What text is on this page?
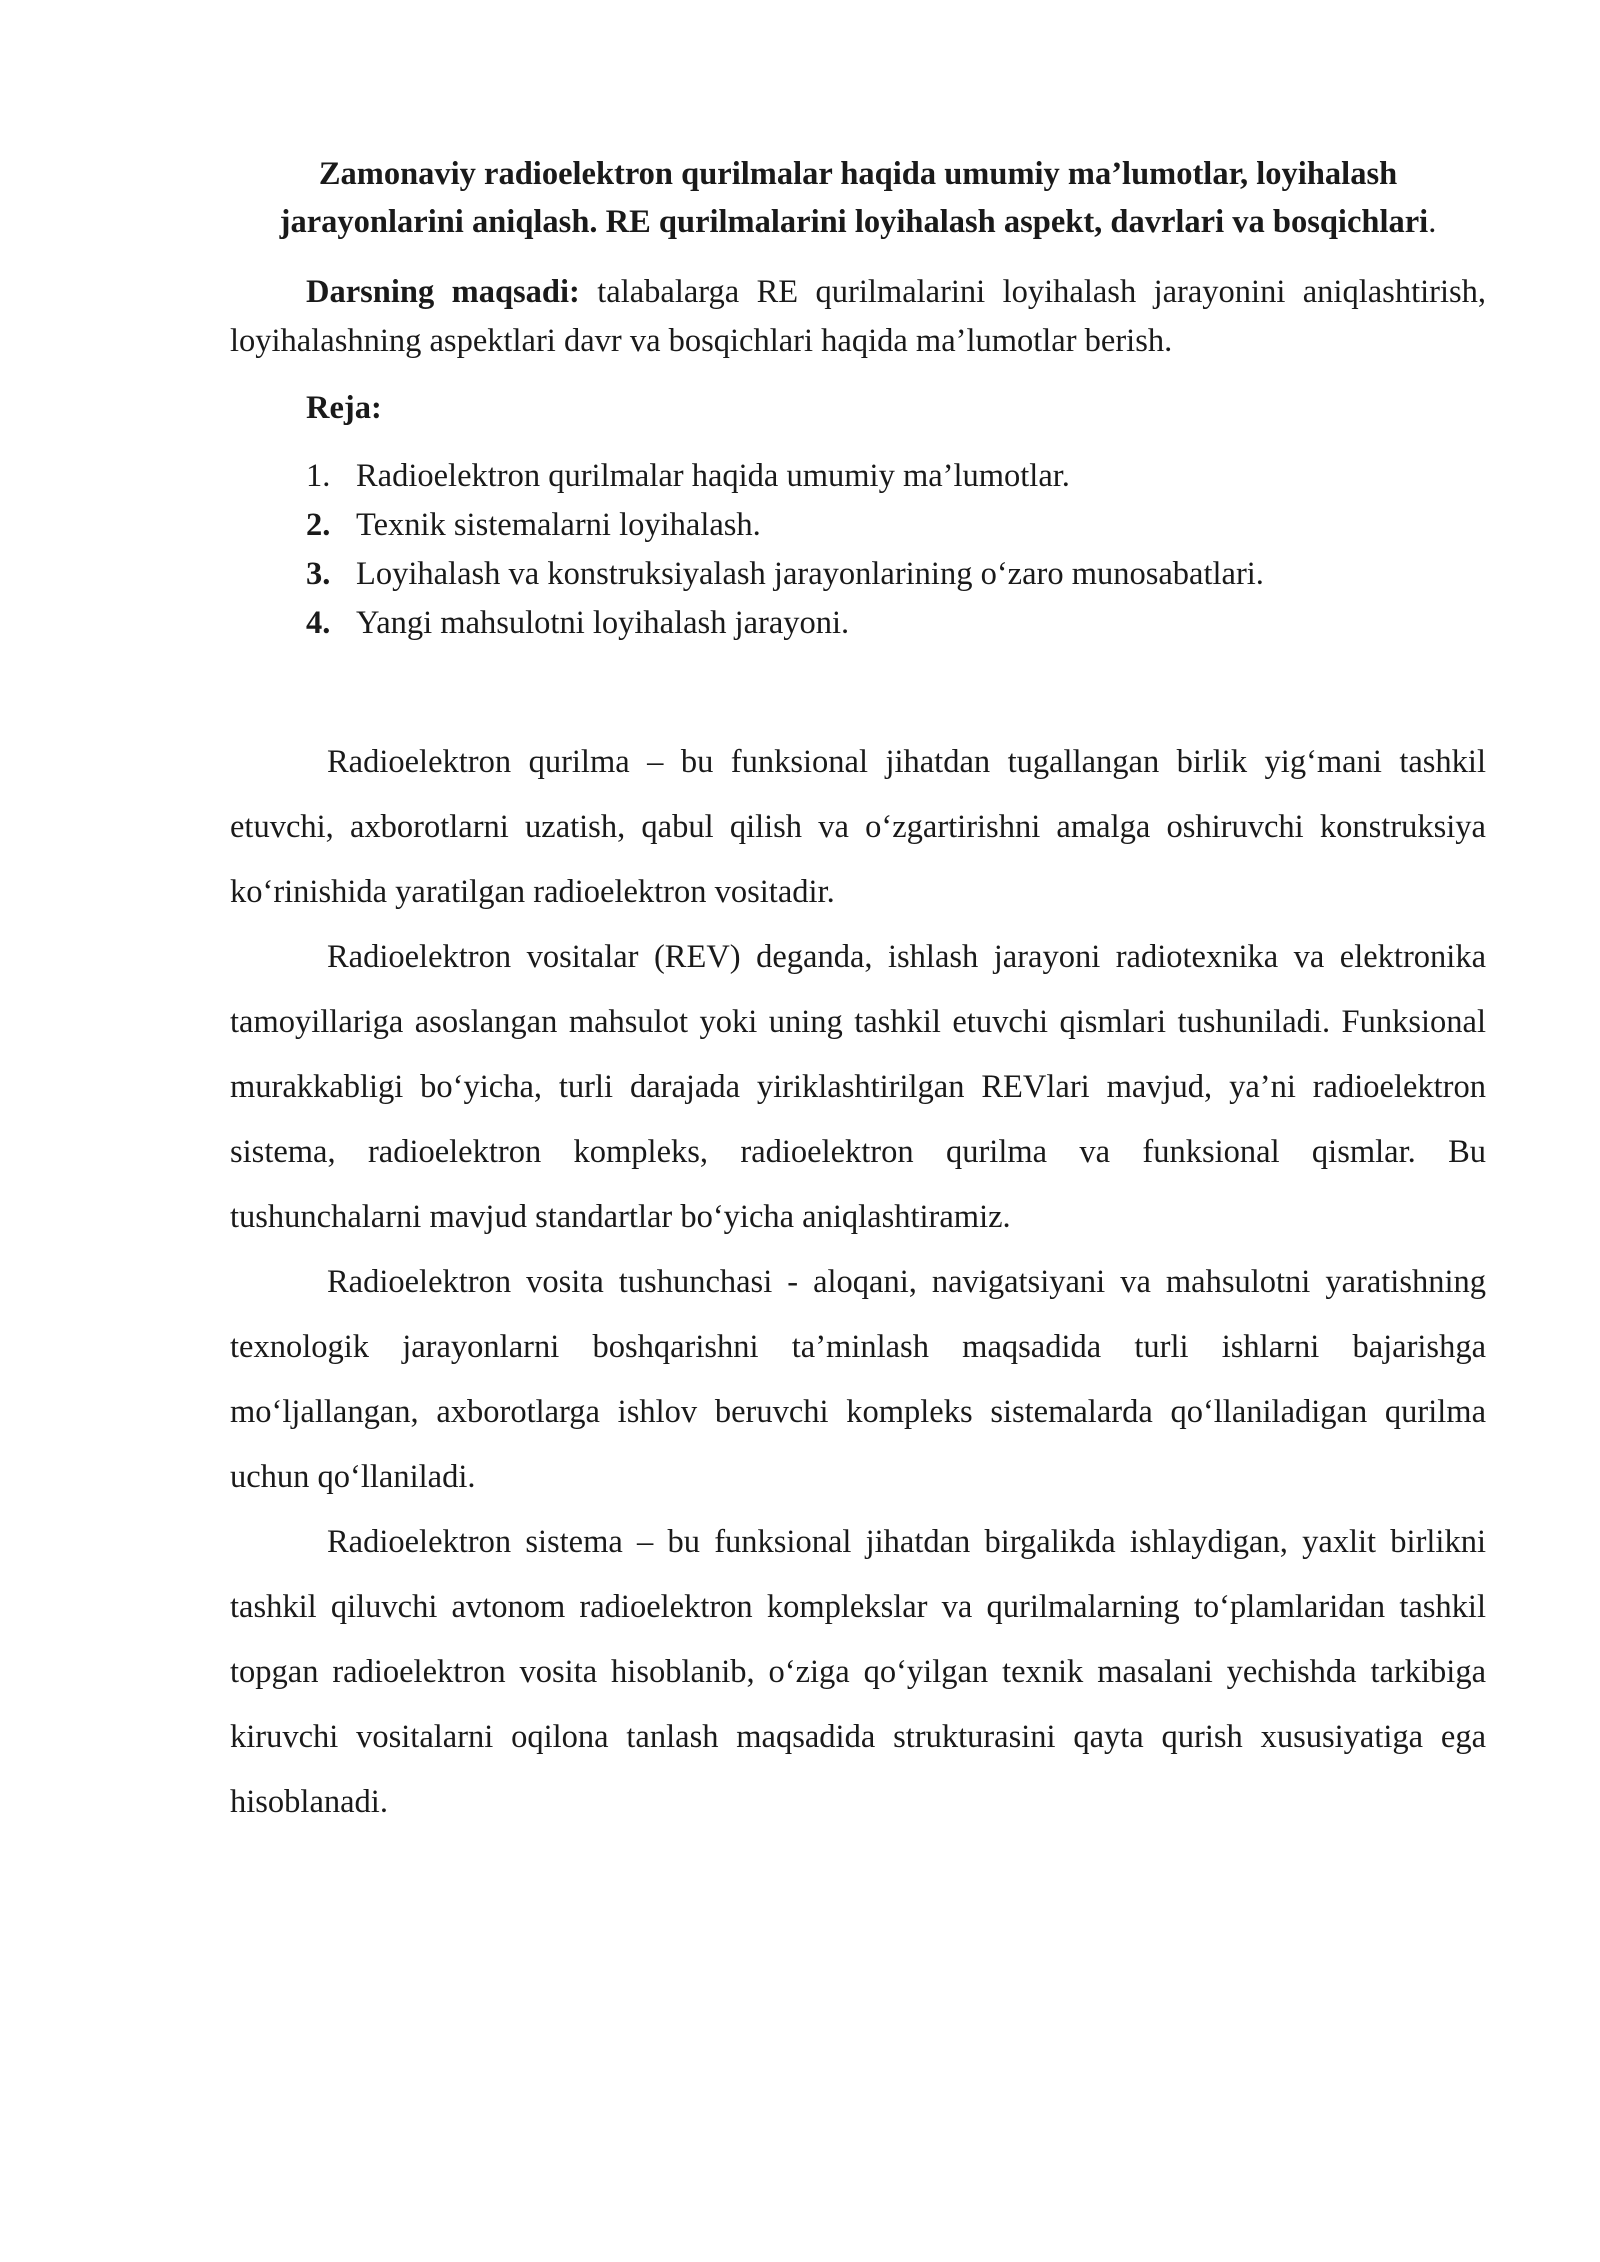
Zamonaviy radioelektron qurilmalar haqida umumiy ma’lumotlar, loyihalash jarayonlarini aniqlash. RE qurilmalarini loyihalash aspekt, davrlari va bosqichlari.

Darsning maqsadi: talabalarga RE qurilmalarini loyihalash jarayonini aniqlashtirish, loyihalashning aspektlari davr va bosqichlari haqida ma’lumotlar berish.

Reja:
1. Radioelektron qurilmalar haqida umumiy ma’lumotlar.
2. Texnik sistemalarni loyihalash.
3. Loyihalash va konstruksiyalash jarayonlarining o‘zaro munosabatlari.
4. Yangi mahsulotni loyihalash jarayoni.

Radioelektron qurilma – bu funksional jihatdan tugallangan birlik yig‘mani tashkil etuvchi, axborotlarni uzatish, qabul qilish va o‘zgartirishni amalga oshiruvchi konstruksiya ko‘rinishida yaratilgan radioelektron vositadir.

Radioelektron vositalar (REV) deganda, ishlash jarayoni radiotexnika va elektronika tamoyillariga asoslangan mahsulot yoki uning tashkil etuvchi qismlari tushuniladi. Funksional murakkabligi bo‘yicha, turli darajada yiriklashtirilgan REVlari mavjud, ya’ni radioelektron sistema, radioelektron kompleks, radioelektron qurilma va funksional qismlar. Bu tushunchalarni mavjud standartlar bo‘yicha aniqlashtiramiz.

Radioelektron vosita tushunchasi - aloqani, navigatsiyani va mahsulotni yaratishning texnologik jarayonlarni boshqarishni ta’minlash maqsadida turli ishlarni bajarishga mo‘ljallangan, axborotlarga ishlov beruvchi kompleks sistemalarda qo‘llaniladigan qurilma uchun qo‘llaniladi.

Radioelektron sistema – bu funksional jihatdan birgalikda ishlaydigan, yaxlit birlikni tashkil qiluvchi avtonom radioelektron komplekslar va qurilmalarning to‘plamlaridan tashkil topgan radioelektron vosita hisoblanib, o‘ziga qo‘yilgan texnik masalani yechishda tarkibiga kiruvchi vositalarni oqilona tanlash maqsadida strukturasini qayta qurish xususiyatiga ega hisoblanadi.
